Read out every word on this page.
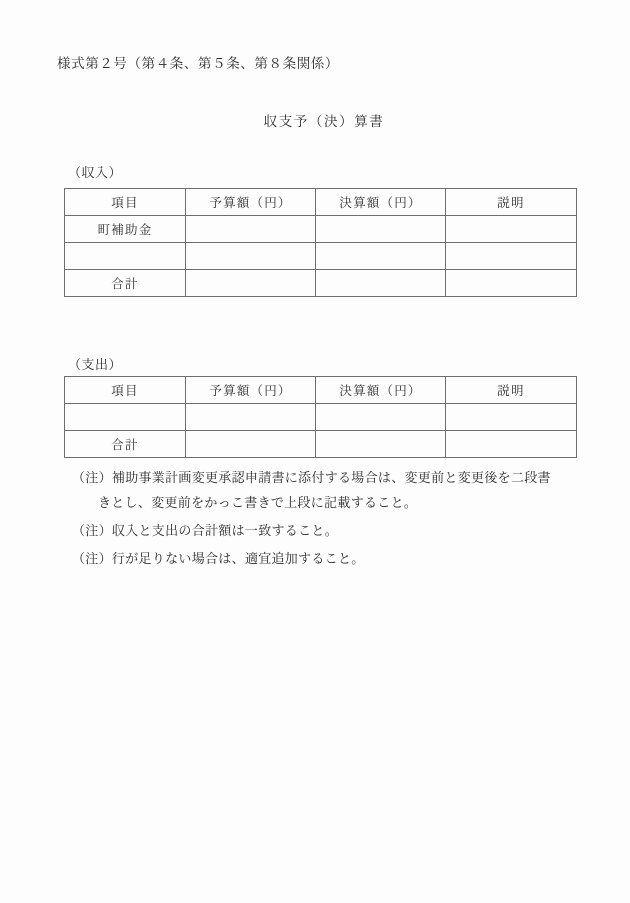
様式第２号（第４条、第５条、第８条関係）
収支予（決）算書
（収入）
項目	予算額（円）	決算額（円）	説明
町補助金			

合計			
（支出）
項目	予算額（円）	決算額（円）	説明

合計			
（注）補助事業計画変更承認申請書に添付する場合は、変更前と変更後を二段書
きとし、変更前をかっこ書きで上段に記載すること。
（注）収入と支出の合計額は一致すること。
（注）行が足りない場合は、適宜追加すること。
